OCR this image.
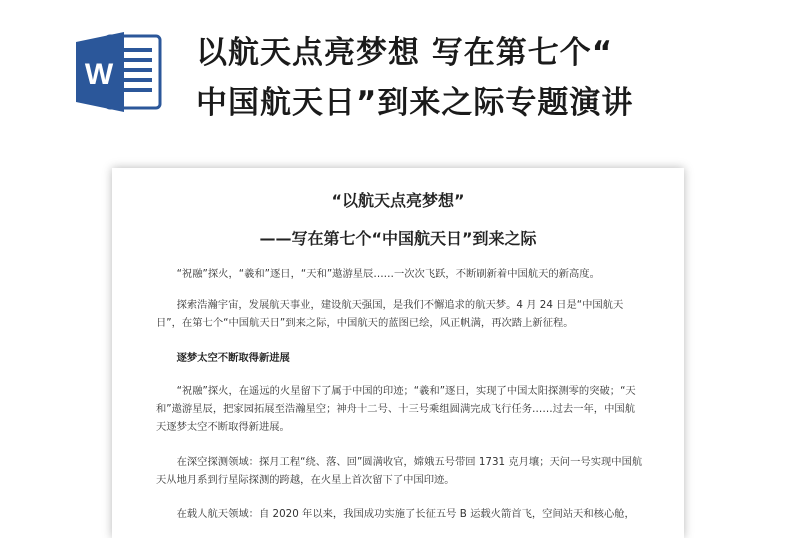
W
以航天点亮梦想 写在第七个“
中国航天日”到来之际专题演讲
“以航天点亮梦想”
——写在第七个“中国航天日”到来之际

“祝融”探火，“羲和”逐日，“天和”遨游星辰……一次次飞跃，不断刷新着中国航天的新高度。

探索浩瀚宇宙，发展航天事业，建设航天强国，是我们不懈追求的航天梦。4 月 24 日是“中国航天日”，在第七个“中国航天日”到来之际，中国航天的蓝图已绘，风正帆满，再次踏上新征程。

逐梦太空不断取得新进展

“祝融”探火，在遥远的火星留下了属于中国的印迹；“羲和”逐日，实现了中国太阳探测零的突破；“天和”遨游星辰，把家园拓展至浩瀚星空；神舟十二号、十三号乘组圆满完成飞行任务……过去一年，中国航天逐梦太空不断取得新进展。

在深空探测领域：探月工程“绕、落、回”圆满收官，嫦娥五号带回 1731 克月壤；天问一号实现中国航天从地月系到行星际探测的跨越，在火星上首次留下了中国印迹。

在载人航天领域：自 2020 年以来，我国成功实施了长征五号 B 运载火箭首飞，空间站天和核心舱，
